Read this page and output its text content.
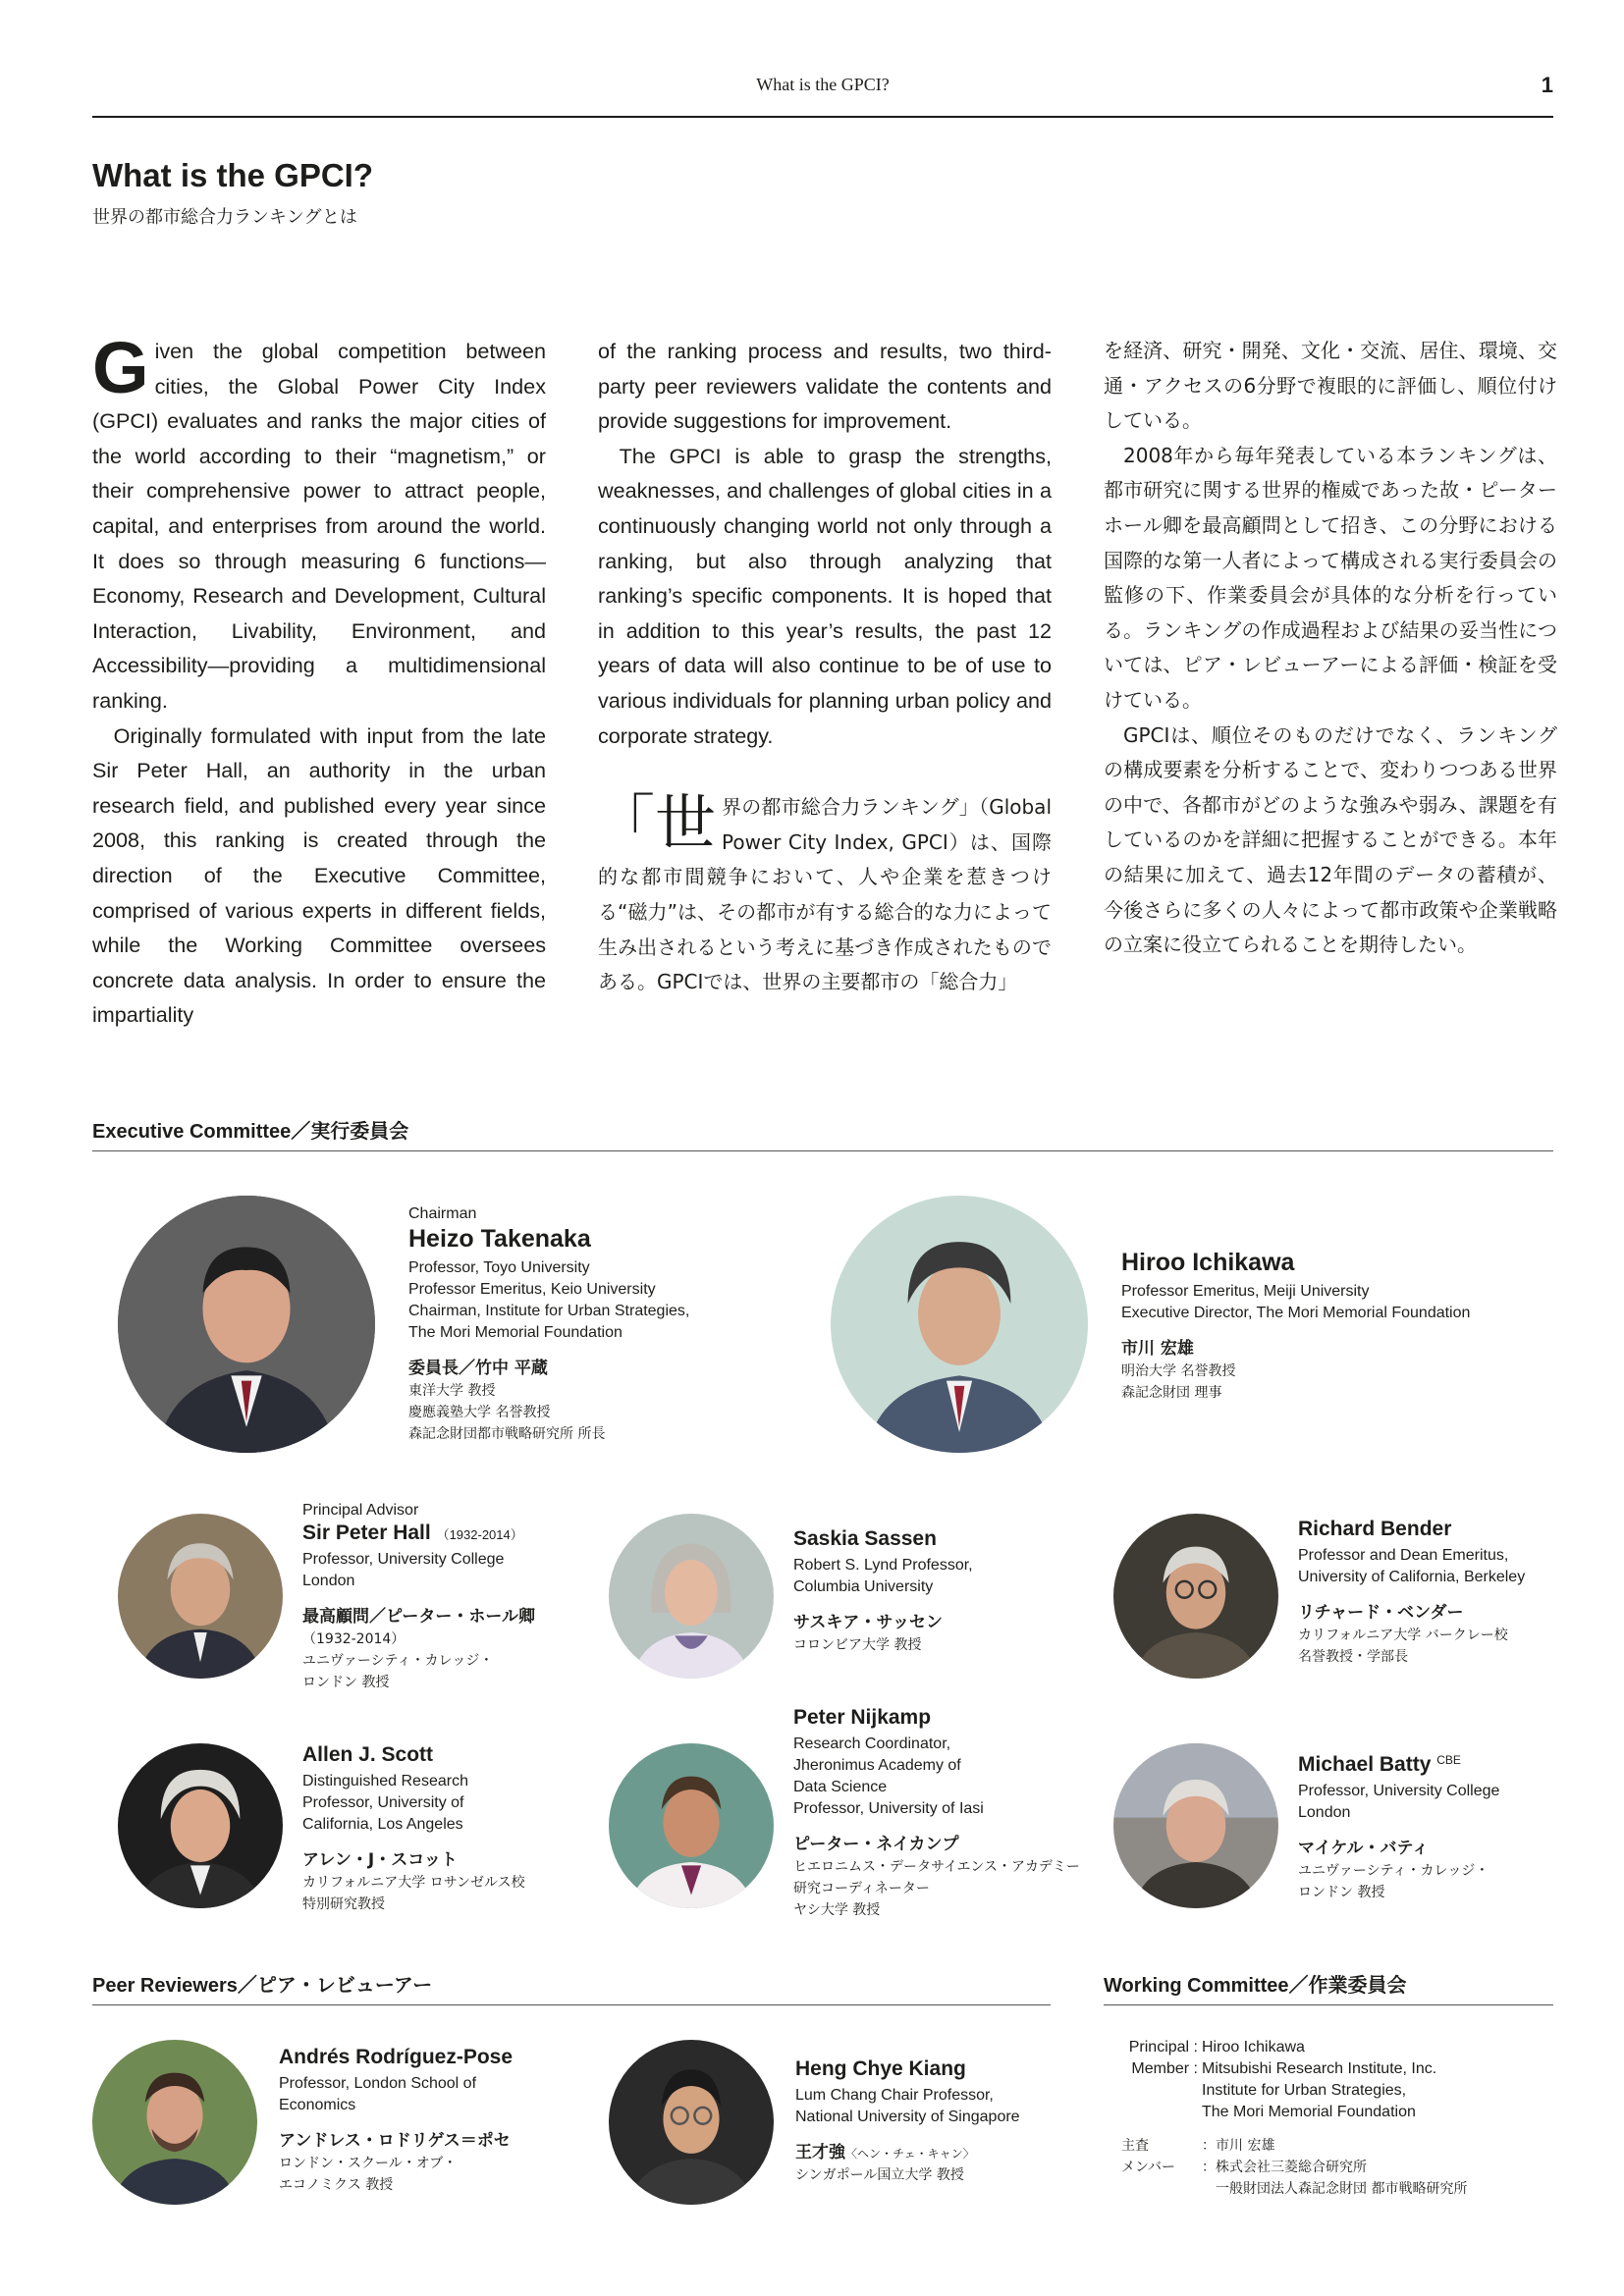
What is the GPCI?	1
What is the GPCI?
世界の都市総合力ランキングとは

Given the global competition between cities, the Global Power City Index (GPCI) evaluates and ranks the major cities of the world according to their “magnetism,” or their comprehensive power to attract people, capital, and enterprises from around the world. It does so through measuring 6 functions—Economy, Research and Development, Cultural Interaction, Livability, Environment, and Accessibility—providing a multidimensional ranking.

Originally formulated with input from the late Sir Peter Hall, an authority in the urban research field, and published every year since 2008, this ranking is created through the direction of the Executive Committee, comprised of various experts in different fields, while the Working Committee oversees concrete data analysis. In order to ensure the impartiality

of the ranking process and results, two third-party peer reviewers validate the contents and provide suggestions for improvement.

The GPCI is able to grasp the strengths, weaknesses, and challenges of global cities in a continuously changing world not only through a ranking, but also through analyzing that ranking’s specific components. It is hoped that in addition to this year’s results, the past 12 years of data will also continue to be of use to various individuals for planning urban policy and corporate strategy.

「世界の都市総合力ランキング」（Global Power City Index, GPCI）は、国際的な都市間競争において、人や企業を惹きつける“磁力”は、その都市が有する総合的な力によって生み出されるという考えに基づき作成されたものである。GPCIでは、世界の主要都市の「総合力」

を経済、研究・開発、文化・交流、居住、環境、交通・アクセスの6分野で複眼的に評価し、順位付けしている。

2008年から毎年発表している本ランキングは、都市研究に関する世界的権威であった故・ピーターホール卿を最高顧問として招き、この分野における国際的な第一人者によって構成される実行委員会の監修の下、作業委員会が具体的な分析を行っている。ランキングの作成過程および結果の妥当性については、ピア・レビューアーによる評価・検証を受けている。

GPCIは、順位そのものだけでなく、ランキングの構成要素を分析することで、変わりつつある世界の中で、各都市がどのような強みや弱み、課題を有しているのかを詳細に把握することができる。本年の結果に加えて、過去12年間のデータの蓄積が、今後さらに多くの人々によって都市政策や企業戦略の立案に役立てられることを期待したい。

Executive Committee／実行委員会
Chairman
Heizo Takenaka
Professor, Toyo University
Professor Emeritus, Keio University
Chairman, Institute for Urban Strategies,
The Mori Memorial Foundation
委員長／竹中 平蔵
東洋大学 教授
慶應義塾大学 名誉教授
森記念財団都市戦略研究所 所長
Hiroo Ichikawa
Professor Emeritus, Meiji University
Executive Director, The Mori Memorial Foundation
市川 宏雄
明治大学 名誉教授
森記念財団 理事
Principal Advisor
Sir Peter Hall （1932-2014）
Professor, University College
London
最高顧問／ピーター・ホール卿
（1932-2014）
ユニヴァーシティ・カレッジ・
ロンドン 教授
Saskia Sassen
Robert S. Lynd Professor,
Columbia University
サスキア・サッセン
コロンビア大学 教授
Richard Bender
Professor and Dean Emeritus,
University of California, Berkeley
リチャード・ベンダー
カリフォルニア大学 バークレー校
名誉教授・学部長
Allen J. Scott
Distinguished Research
Professor, University of
California, Los Angeles
アレン・J・スコット
カリフォルニア大学 ロサンゼルス校
特別研究教授
Peter Nijkamp
Research Coordinator,
Jheronimus Academy of
Data Science
Professor, University of Iasi
ピーター・ネイカンプ
ヒエロニムス・データサイエンス・アカデミー
研究コーディネーター
ヤシ大学 教授
Michael Batty $^{CBE}$
Professor, University College
London
マイケル・バティ
ユニヴァーシティ・カレッジ・
ロンドン 教授
Peer Reviewers／ピア・レビューアー
Andrés Rodríguez-Pose
Professor, London School of
Economics
アンドレス・ロドリゲス＝ポセ
ロンドン・スクール・オブ・
エコノミクス 教授
Heng Chye Kiang
Lum Chang Chair Professor,
National University of Singapore
王才強〈ヘン・チェ・キャン〉
シンガポール国立大学 教授
Working Committee／作業委員会
Principal : Hiroo Ichikawa
Member : Mitsubishi Research Institute, Inc.
Institute for Urban Strategies,
The Mori Memorial Foundation
主査	：市川 宏雄
メンバー	：株式会社三菱総合研究所
一般財団法人森記念財団 都市戦略研究所
